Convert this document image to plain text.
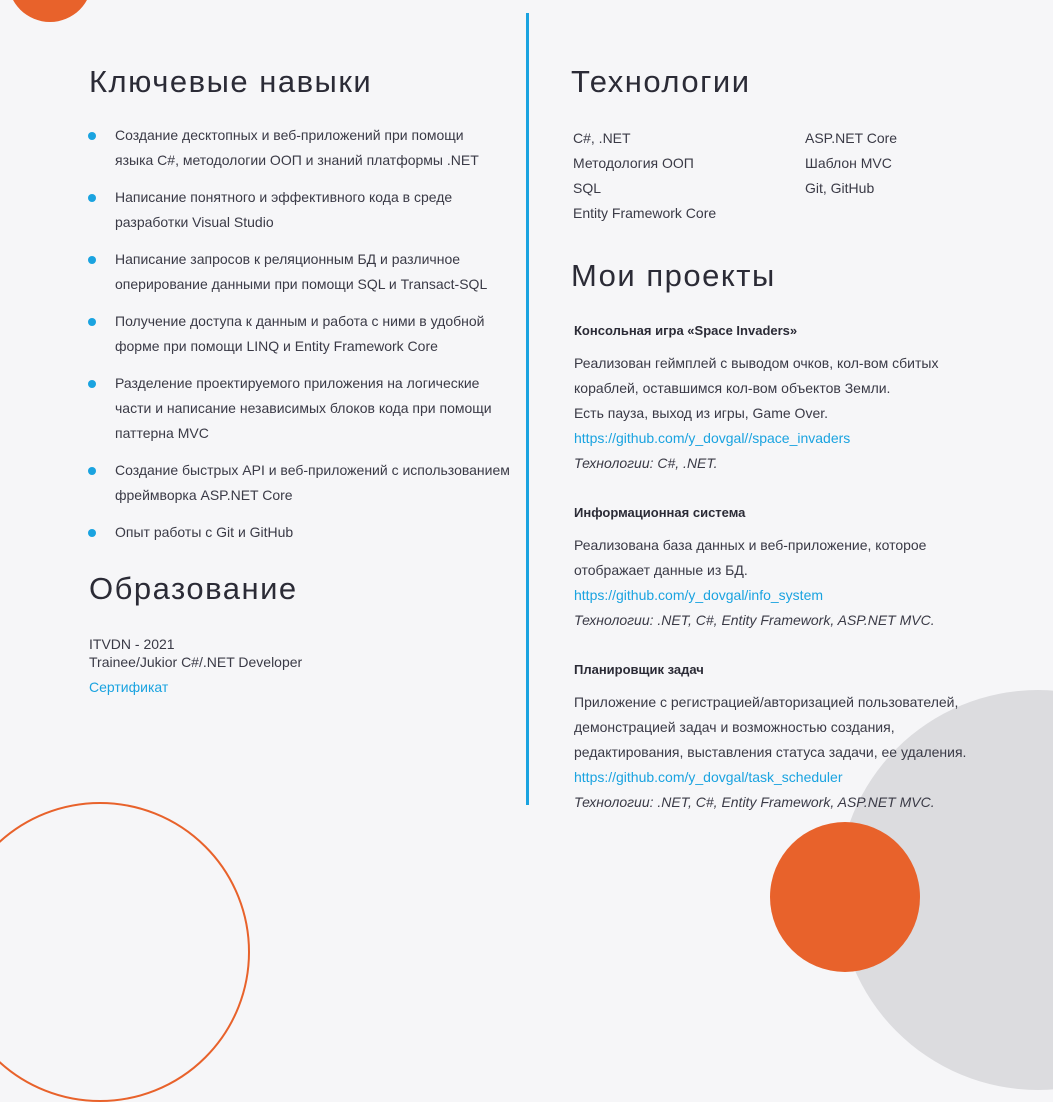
Ключевые навыки
Создание десктопных и веб-приложений при помощи
языка C#, методологии ООП и знаний платформы .NET
Написание понятного и эффективного кода в среде
разработки Visual Studio
Написание запросов к реляционным БД и различное
оперирование данными при помощи SQL и Transact-SQL
Получение доступа к данным и работа с ними в удобной
форме при помощи LINQ и Entity Framework Core
Разделение проектируемого приложения на логические
части и написание независимых блоков кода при помощи
паттерна MVC
Создание быстрых API и веб-приложений с использованием
фреймворка ASP.NET Core
Опыт работы с Git и GitHub
Образование
ITVDN - 2021
Trainee/Jukior C#/.NET Developer
Сертификат
Технологии
C#, .NET
Методология ООП
SQL
Entity Framework Core
ASP.NET Core
Шаблон MVC
Git, GitHub
Мои проекты
Консольная игра «Space Invaders»
Реализован геймплей с выводом очков, кол-вом сбитых
кораблей, оставшимся кол-вом объектов Земли.
Есть пауза, выход из игры, Game Over.
https://github.com/y_dovgal//space_invaders
Технологии: C#, .NET.
Информационная система
Реализована база данных и веб-приложение, которое
отображает данные из БД.
https://github.com/y_dovgal/info_system
Технологии: .NET, C#, Entity Framework, ASP.NET MVC.
Планировщик задач
Приложение с регистрацией/авторизацией пользователей,
демонстрацией задач и возможностью создания,
редактирования, выставления статуса задачи, ее удаления.
https://github.com/y_dovgal/task_scheduler
Технологии: .NET, C#, Entity Framework, ASP.NET MVC.
